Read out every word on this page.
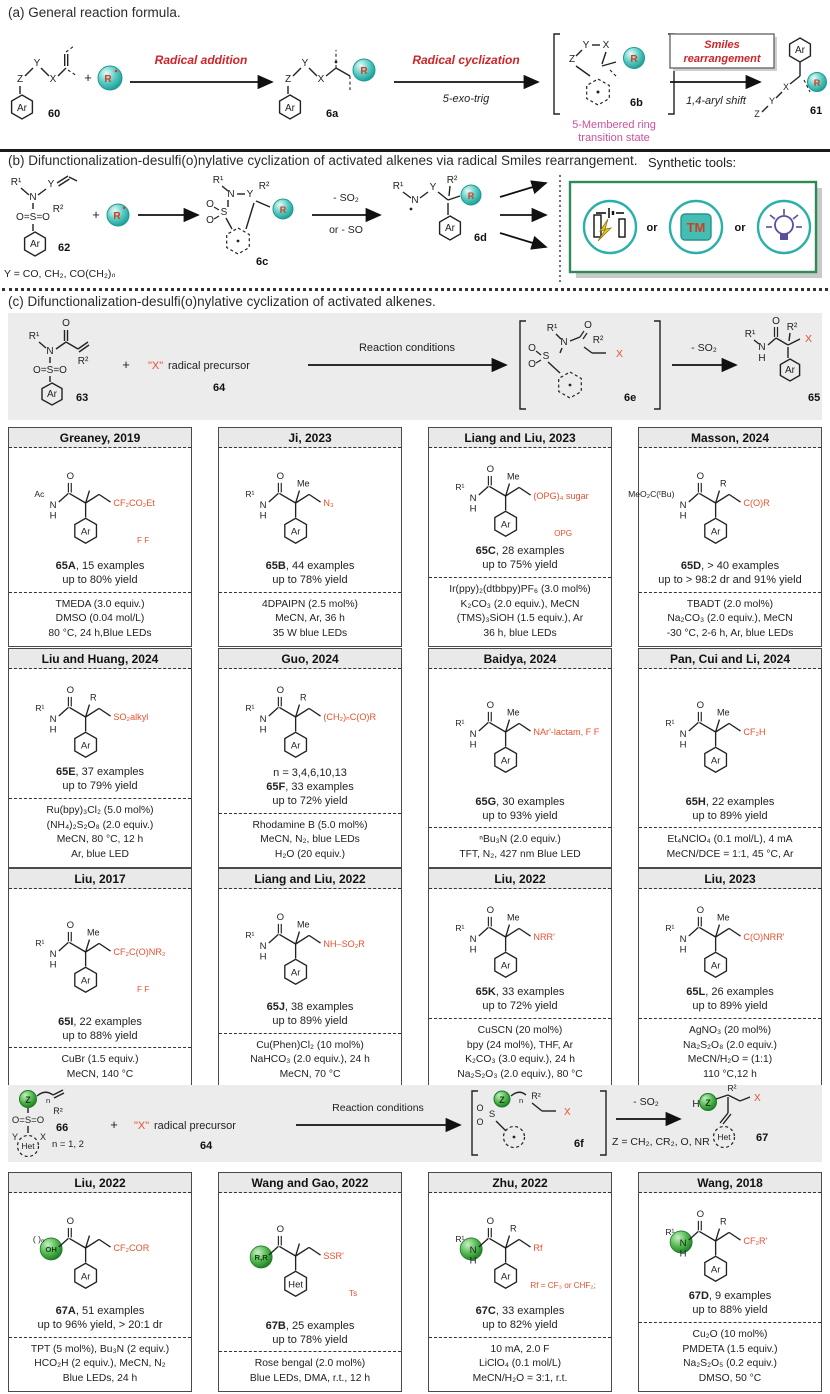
(a) General reaction formula.
Z
Y
X
Ar 60
+ R
Radical addition
Z
Y
X
R
Ar	6a
Radical cyclization
5-exo-trig
Y X
Z	R
6b
5-Membered ring
transition state
Smiles
rearrangement
1,4-aryl shift
Ar
R
X
Y
Z	61
(b) Difunctionalization-desulfi(o)nylative cyclization of activated alkenes via radical Smiles rearrangement. Synthetic tools:
R¹
N
Y
R²
O=S=O
Ar 62
Y = CO, CH₂, CO(CH₂)ₙ
+ R
R¹
N Y
R²
S
O
O
R
6c
- SO₂
or - SO
R¹
N
Y
R²
R
Ar
6d
or TM	or
(c) Difunctionalization-desulfi(o)nylative cyclization of activated alkenes.
R¹
N
O
R²
O=S=O
Ar 63
+ "X" radical precursor
64
Reaction conditions
R¹
N
O
R²
S
O
O
X
6e
- SO₂
R¹
N
H
O
R²
X
Ar
65
Greaney, 2019
Ac
N
H
O
Ar
CF₂CO₂Et
F F
65A, 15 examples
up to 80% yield
TMEDA (3.0 equiv.)
DMSO (0.04 mol/L)
80 °C, 24 h,Blue LEDs
Ji, 2023
R¹
N
H
O
Me
Ar
N₃
65B, 44 examples
up to 78% yield
4DPAIPN (2.5 mol%)
MeCN, Ar, 36 h
35 W blue LEDs
Liang and Liu, 2023
R¹
N
H
O
Me
Ar
(OPG)₄ sugar
OPG
65C, 28 examples
up to 75% yield
Ir(ppy)₂(dtbbpy)PF₆ (3.0 mol%)
K₂CO₃ (2.0 equiv.), MeCN
(TMS)₃SiOH (1.5 equiv.), Ar
36 h, blue LEDs
Masson, 2024
MeO₂C(ᵗBu)
N
H
O
R
Ar
C(O)R
65D, > 40 examples
up to > 98:2 dr and 91% yield
TBADT (2.0 mol%)
Na₂CO₃ (2.0 equiv.), MeCN
-30 °C, 2-6 h, Ar, blue LEDs
Liu and Huang, 2024
R¹
N
H
O
R
Ar
SO₂alkyl
65E, 37 examples
up to 79% yield
Ru(bpy)₃Cl₂ (5.0 mol%)
(NH₄)₂S₂O₈ (2.0 equiv.)
MeCN, 80 °C, 12 h
Ar, blue LED
Guo, 2024
R¹
N
H
O
R
Ar
(CH₂)ₙC(O)R
n = 3,4,6,10,13
65F, 33 examples
up to 72% yield
Rhodamine B (5.0 mol%)
MeCN, N₂, blue LEDs
H₂O (20 equiv.)
Baidya, 2024
R¹
N
H
O
Me
Ar
NAr'-lactam, F F
65G, 30 examples
up to 93% yield
ⁿBu₃N (2.0 equiv.)
TFT, N₂, 427 nm Blue LED
Pan, Cui and Li, 2024
R¹
N
H
O
Me
Ar
CF₂H
65H, 22 examples
up to 89% yield
Et₄NClO₄ (0.1 mol/L), 4 mA
MeCN/DCE = 1:1, 45 °C, Ar
Liu, 2017
R¹
N
H
O
Me
Ar
CF₂C(O)NR₂
F F
65I, 22 examples
up to 88% yield
CuBr (1.5 equiv.)
MeCN, 140 °C
Liang and Liu, 2022
R¹
N
H
O
Me
Ar
NH–SO₂R
65J, 38 examples
up to 89% yield
Cu(Phen)Cl₂ (10 mol%)
NaHCO₃ (2.0 equiv.), 24 h
MeCN, 70 °C
Liu, 2022
R¹
N
H
O
Me
Ar
NRR'
65K, 33 examples
up to 72% yield
CuSCN (20 mol%)
bpy (24 mol%), THF, Ar
K₂CO₃ (3.0 equiv.), 24 h
Na₂S₂O₃ (2.0 equiv.), 80 °C
Liu, 2023
R¹
N
H
O
Me
Ar
C(O)NRR'
65L, 26 examples
up to 89% yield
AgNO₃ (20 mol%)
Na₂S₂O₈ (2.0 equiv.)
MeCN/H₂O = (1:1)
110 °C,12 h
Z n
R²
O=S=O
Y X
Het
66
n = 1, 2
+ "X" radical precursor
64
Reaction conditions
Z n R²
S
O
O
X
6f
- SO₂
Z = CH₂, CR₂, O, NR
H Z
R²
X
Het 67
Liu, 2022
OH
( )ₙ
O
Ar
CF₂COR
67A, 51 examples
up to 96% yield, > 20:1 dr
TPT (5 mol%), Bu₃N (2 equiv.)
HCO₂H (2 equiv.), MeCN, N₂
Blue LEDs, 24 h
Wang and Gao, 2022
R,R
O
Het
SSR'
Ts
67B, 25 examples
up to 78% yield
Rose bengal (2.0 mol%)
Blue LEDs, DMA, r.t., 12 h
Zhu, 2022
R¹
N
H
O
R
Ar
Rf
Rf = CF₃ or CHF₂;
67C, 33 examples
up to 82% yield
10 mA, 2.0 F
LiClO₄ (0.1 mol/L)
MeCN/H₂O = 3:1, r.t.
Wang, 2018
R¹
N
H
O
R
Ar
CF₂R'
67D, 9 examples
up to 88% yield
Cu₂O (10 mol%)
PMDETA (1.5 equiv.)
Na₂S₂O₅ (0.2 equiv.)
DMSO, 50 °C
